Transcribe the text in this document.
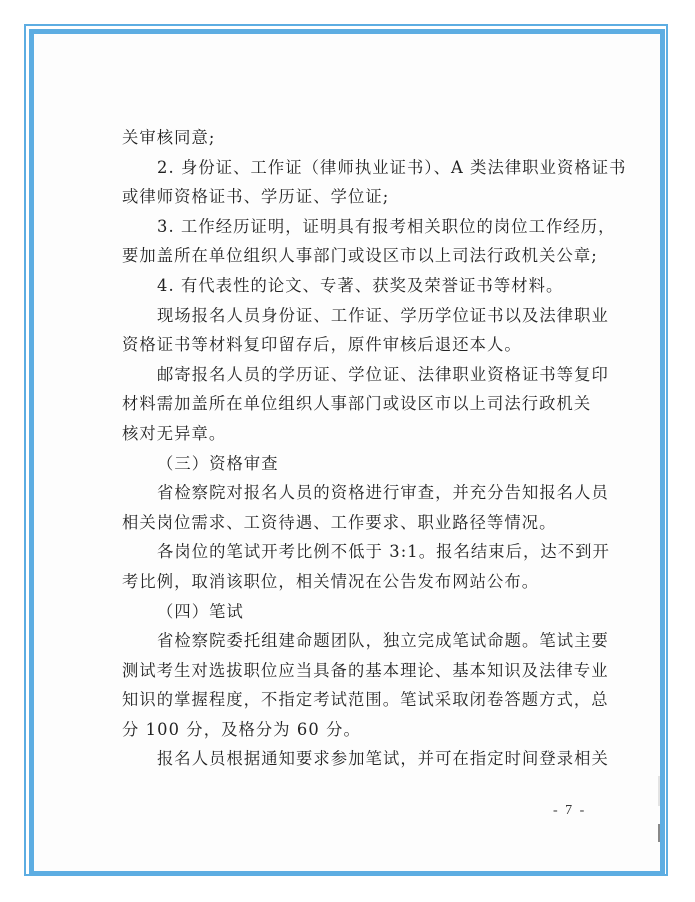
关审核同意;
2. 身份证、工作证（律师执业证书）、A 类法律职业资格证书
或律师资格证书、学历证、学位证;
3. 工作经历证明，证明具有报考相关职位的岗位工作经历，
要加盖所在单位组织人事部门或设区市以上司法行政机关公章;
4. 有代表性的论文、专著、获奖及荣誉证书等材料。
现场报名人员身份证、工作证、学历学位证书以及法律职业
资格证书等材料复印留存后，原件审核后退还本人。
邮寄报名人员的学历证、学位证、法律职业资格证书等复印
材料需加盖所在单位组织人事部门或设区市以上司法行政机关
核对无异章。
（三）资格审查
省检察院对报名人员的资格进行审查，并充分告知报名人员
相关岗位需求、工资待遇、工作要求、职业路径等情况。
各岗位的笔试开考比例不低于 3:1。报名结束后，达不到开
考比例，取消该职位，相关情况在公告发布网站公布。
（四）笔试
省检察院委托组建命题团队，独立完成笔试命题。笔试主要
测试考生对选拔职位应当具备的基本理论、基本知识及法律专业
知识的掌握程度，不指定考试范围。笔试采取闭卷答题方式，总
分 100 分，及格分为 60 分。
报名人员根据通知要求参加笔试，并可在指定时间登录相关
- 7 -
